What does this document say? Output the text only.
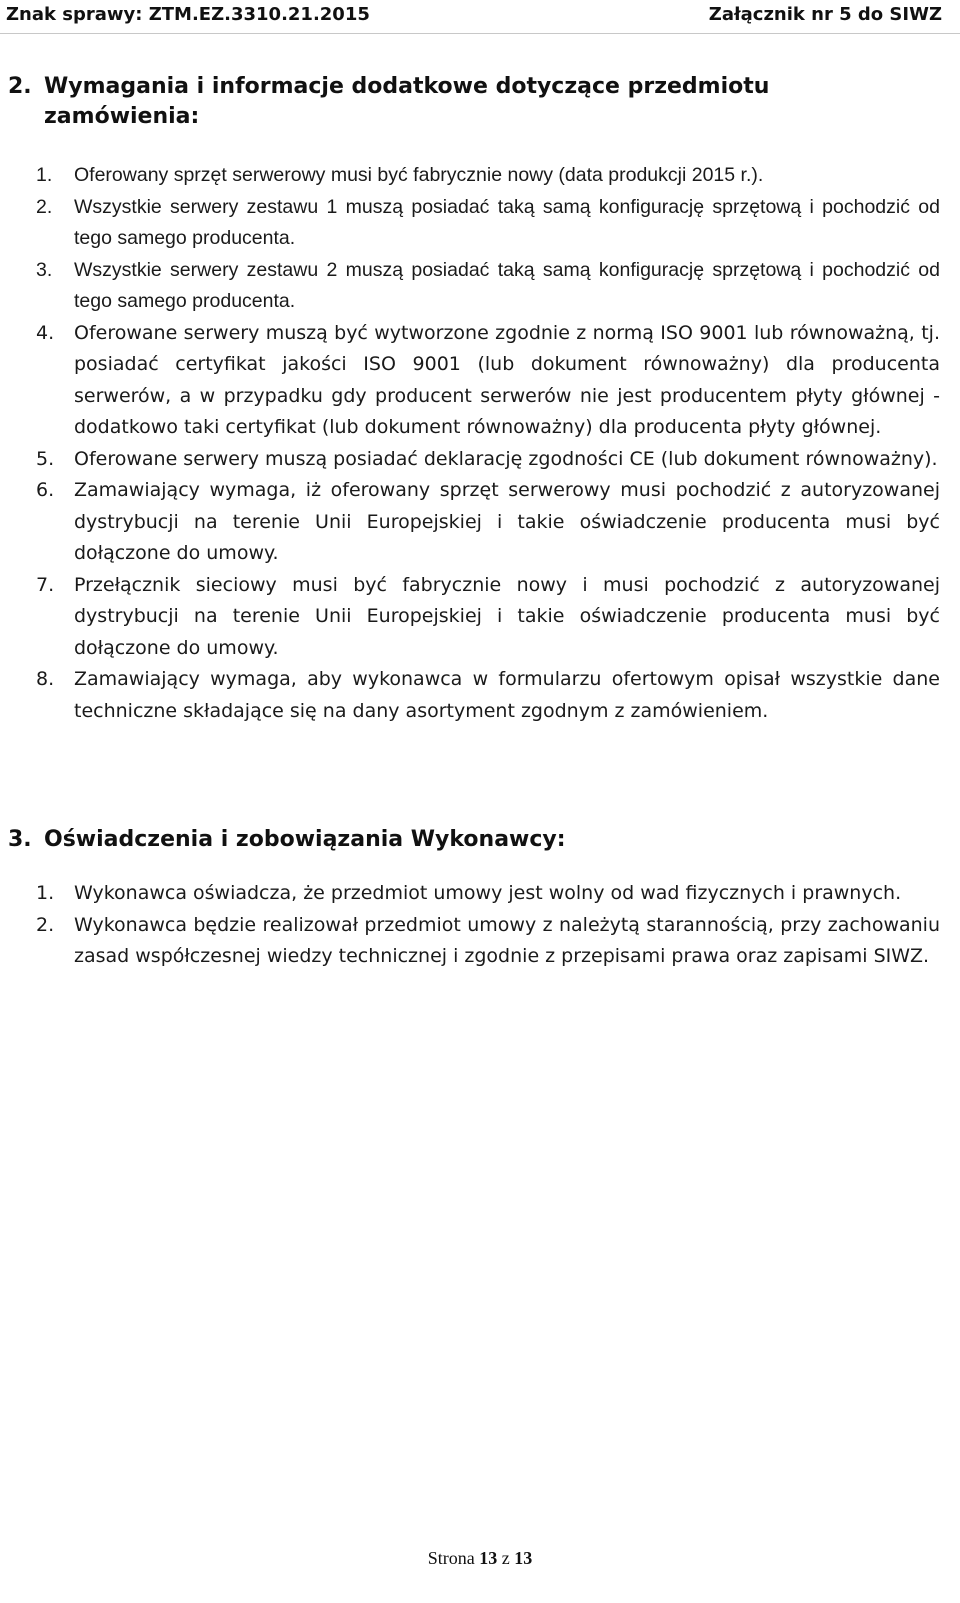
Znak sprawy: ZTM.EZ.3310.21.2015	Załącznik nr 5 do SIWZ
2. Wymagania i informacje dodatkowe dotyczące przedmiotu zamówienia:
1.	Oferowany sprzęt serwerowy musi być fabrycznie nowy (data produkcji 2015 r.).
2.	Wszystkie serwery zestawu 1 muszą posiadać taką samą konfigurację sprzętową i pochodzić od tego samego producenta.
3.	Wszystkie serwery zestawu 2 muszą posiadać taką samą konfigurację sprzętową i pochodzić od tego samego producenta.
4.	Oferowane serwery muszą być wytworzone zgodnie z normą ISO 9001 lub równoważną, tj. posiadać certyfikat jakości ISO 9001 (lub dokument równoważny) dla producenta serwerów, a w przypadku gdy producent serwerów nie jest producentem płyty głównej - dodatkowo taki certyfikat (lub dokument równoważny) dla producenta płyty głównej.
5.	Oferowane serwery muszą posiadać deklarację zgodności CE (lub dokument równoważny).
6.	Zamawiający wymaga, iż oferowany sprzęt serwerowy musi pochodzić z autoryzowanej dystrybucji na terenie Unii Europejskiej i takie oświadczenie producenta musi być dołączone do umowy.
7.	Przełącznik sieciowy musi być fabrycznie nowy i musi pochodzić z autoryzowanej dystrybucji na terenie Unii Europejskiej i takie oświadczenie producenta musi być dołączone do umowy.
8.	Zamawiający wymaga, aby wykonawca w formularzu ofertowym opisał wszystkie dane techniczne składające się na dany asortyment zgodnym z zamówieniem.
3. Oświadczenia i zobowiązania Wykonawcy:
1.	Wykonawca oświadcza, że przedmiot umowy jest wolny od wad fizycznych i prawnych.
2.	Wykonawca będzie realizował przedmiot umowy z należytą starannością, przy zachowaniu zasad współczesnej wiedzy technicznej i zgodnie z przepisami prawa oraz zapisami SIWZ.
Strona 13 z 13
